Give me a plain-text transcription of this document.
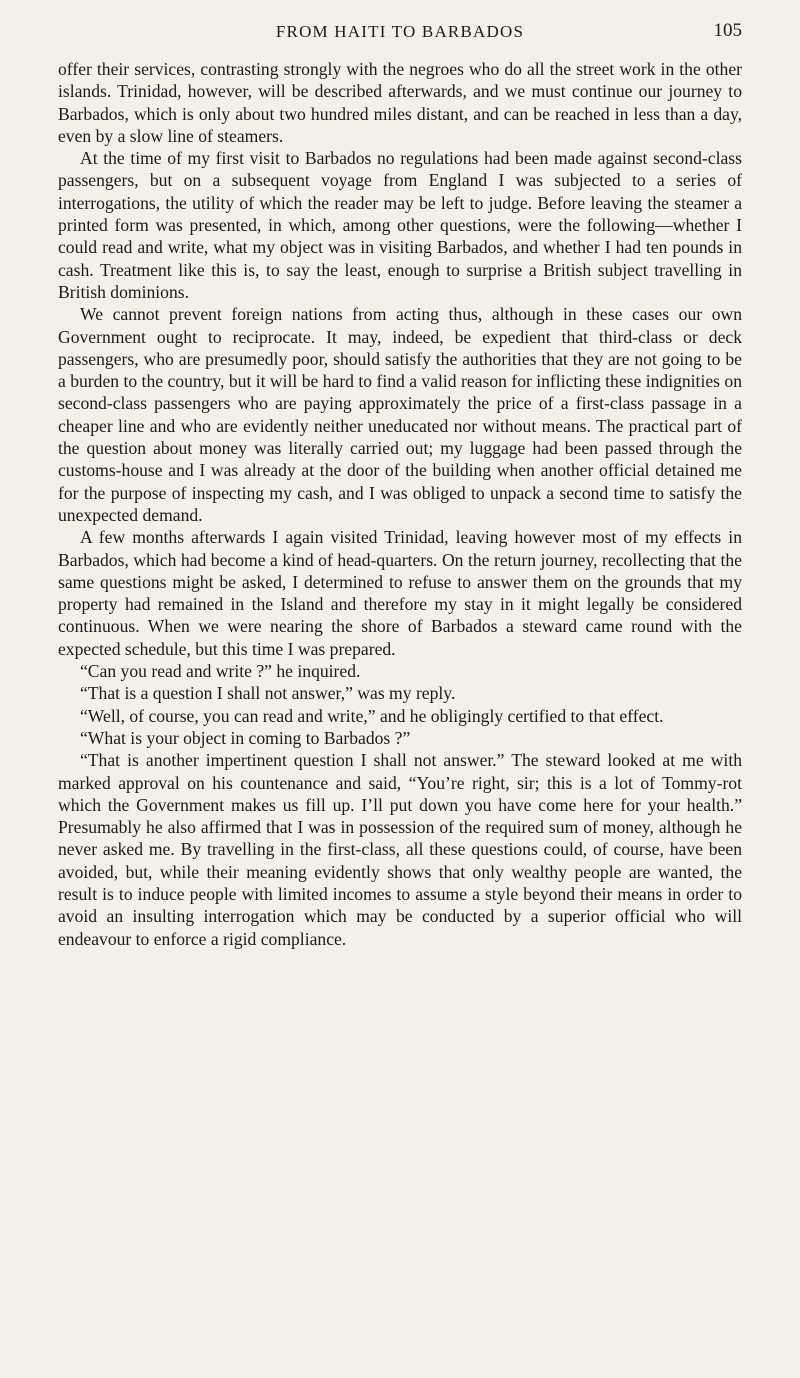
FROM HAITI TO BARBADOS	105

offer their services, contrasting strongly with the negroes who do all the street work in the other islands. Trinidad, however, will be described afterwards, and we must continue our journey to Barbados, which is only about two hundred miles distant, and can be reached in less than a day, even by a slow line of steamers.

At the time of my first visit to Barbados no regulations had been made against second-class passengers, but on a subsequent voyage from England I was subjected to a series of interrogations, the utility of which the reader may be left to judge. Before leaving the steamer a printed form was presented, in which, among other questions, were the following—whether I could read and write, what my object was in visiting Barbados, and whether I had ten pounds in cash. Treatment like this is, to say the least, enough to surprise a British subject travelling in British dominions.

We cannot prevent foreign nations from acting thus, although in these cases our own Government ought to reciprocate. It may, indeed, be expedient that third-class or deck passengers, who are presumedly poor, should satisfy the authorities that they are not going to be a burden to the country, but it will be hard to find a valid reason for inflicting these indignities on second-class passengers who are paying approximately the price of a first-class passage in a cheaper line and who are evidently neither uneducated nor without means. The practical part of the question about money was literally carried out; my luggage had been passed through the customs-house and I was already at the door of the building when another official detained me for the purpose of inspecting my cash, and I was obliged to unpack a second time to satisfy the unexpected demand.

A few months afterwards I again visited Trinidad, leaving however most of my effects in Barbados, which had become a kind of head-quarters. On the return journey, recollecting that the same questions might be asked, I determined to refuse to answer them on the grounds that my property had remained in the Island and therefore my stay in it might legally be considered continuous. When we were nearing the shore of Barbados a steward came round with the expected schedule, but this time I was prepared.

“Can you read and write ?” he inquired.

“That is a question I shall not answer,” was my reply.

“Well, of course, you can read and write,” and he obligingly certified to that effect.

“What is your object in coming to Barbados ?”

“That is another impertinent question I shall not answer.” The steward looked at me with marked approval on his countenance and said, “You’re right, sir; this is a lot of Tommy-rot which the Government makes us fill up. I’ll put down you have come here for your health.” Presumably he also affirmed that I was in possession of the required sum of money, although he never asked me. By travelling in the first-class, all these questions could, of course, have been avoided, but, while their meaning evidently shows that only wealthy people are wanted, the result is to induce people with limited incomes to assume a style beyond their means in order to avoid an insulting interrogation which may be conducted by a superior official who will endeavour to enforce a rigid compliance.
